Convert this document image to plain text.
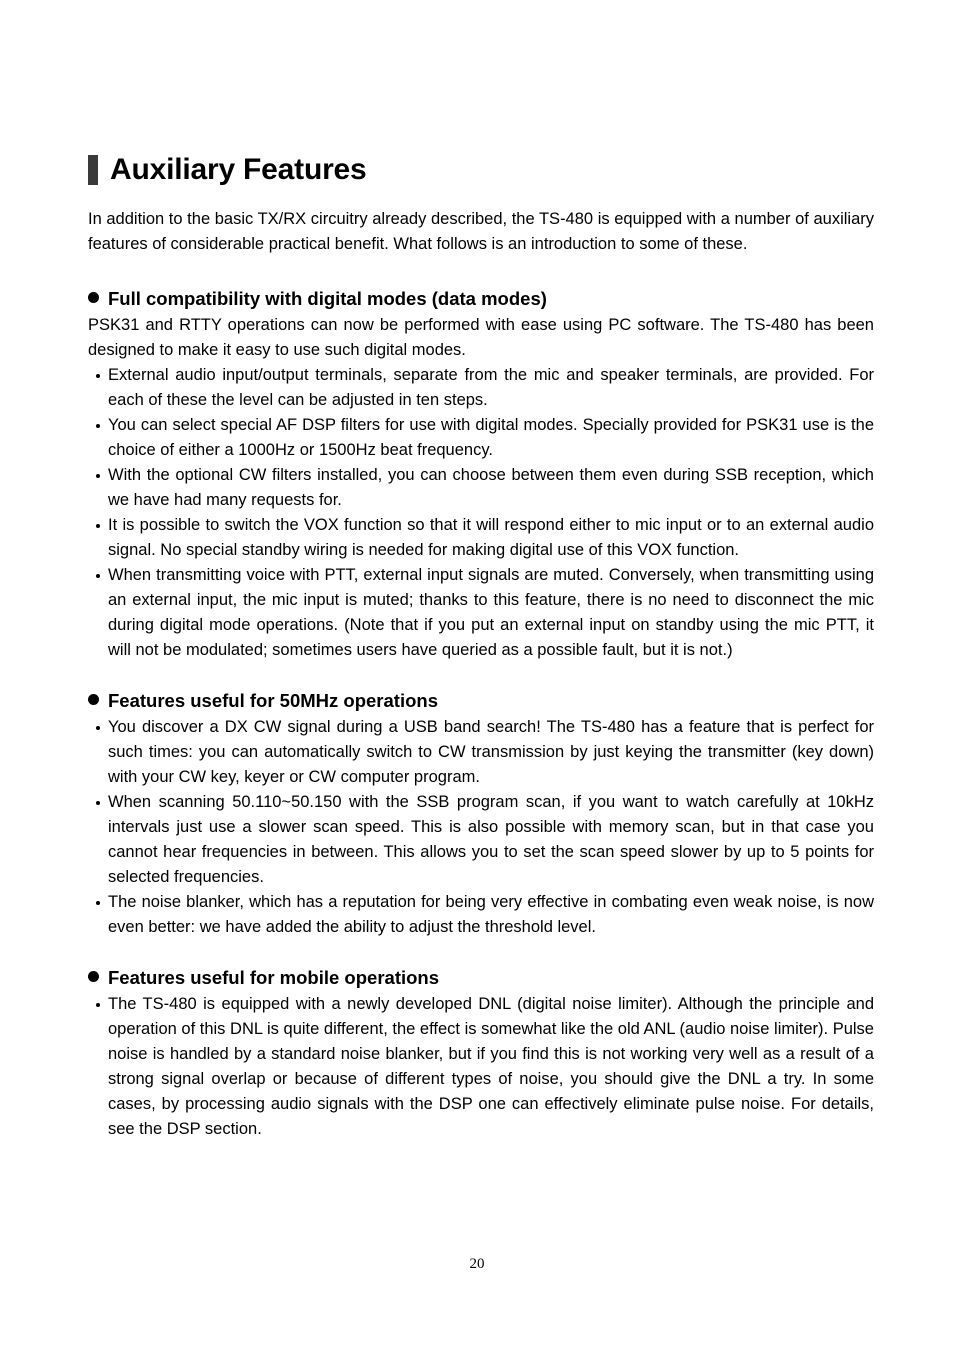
Auxiliary Features

In addition to the basic TX/RX circuitry already described, the TS-480 is equipped with a number of auxiliary features of considerable practical benefit. What follows is an introduction to some of these.

Full compatibility with digital modes (data modes)

PSK31 and RTTY operations can now be performed with ease using PC software. The TS-480 has been designed to make it easy to use such digital modes.

External audio input/output terminals, separate from the mic and speaker terminals, are provided. For each of these the level can be adjusted in ten steps.
You can select special AF DSP filters for use with digital modes. Specially provided for PSK31 use is the choice of either a 1000Hz or 1500Hz beat frequency.
With the optional CW filters installed, you can choose between them even during SSB reception, which we have had many requests for.
It is possible to switch the VOX function so that it will respond either to mic input or to an external audio signal. No special standby wiring is needed for making digital use of this VOX function.
When transmitting voice with PTT, external input signals are muted. Conversely, when transmitting using an external input, the mic input is muted; thanks to this feature, there is no need to disconnect the mic during digital mode operations. (Note that if you put an external input on standby using the mic PTT, it will not be modulated; sometimes users have queried as a possible fault, but it is not.)
Features useful for 50MHz operations
You discover a DX CW signal during a USB band search! The TS-480 has a feature that is perfect for such times: you can automatically switch to CW transmission by just keying the transmitter (key down) with your CW key, keyer or CW computer program.
When scanning 50.110~50.150 with the SSB program scan, if you want to watch carefully at 10kHz intervals just use a slower scan speed. This is also possible with memory scan, but in that case you cannot hear frequencies in between. This allows you to set the scan speed slower by up to 5 points for selected frequencies.
The noise blanker, which has a reputation for being very effective in combating even weak noise, is now even better: we have added the ability to adjust the threshold level.
Features useful for mobile operations
The TS-480 is equipped with a newly developed DNL (digital noise limiter). Although the principle and operation of this DNL is quite different, the effect is somewhat like the old ANL (audio noise limiter). Pulse noise is handled by a standard noise blanker, but if you find this is not working very well as a result of a strong signal overlap or because of different types of noise, you should give the DNL a try. In some cases, by processing audio signals with the DSP one can effectively eliminate pulse noise. For details, see the DSP section.
20
